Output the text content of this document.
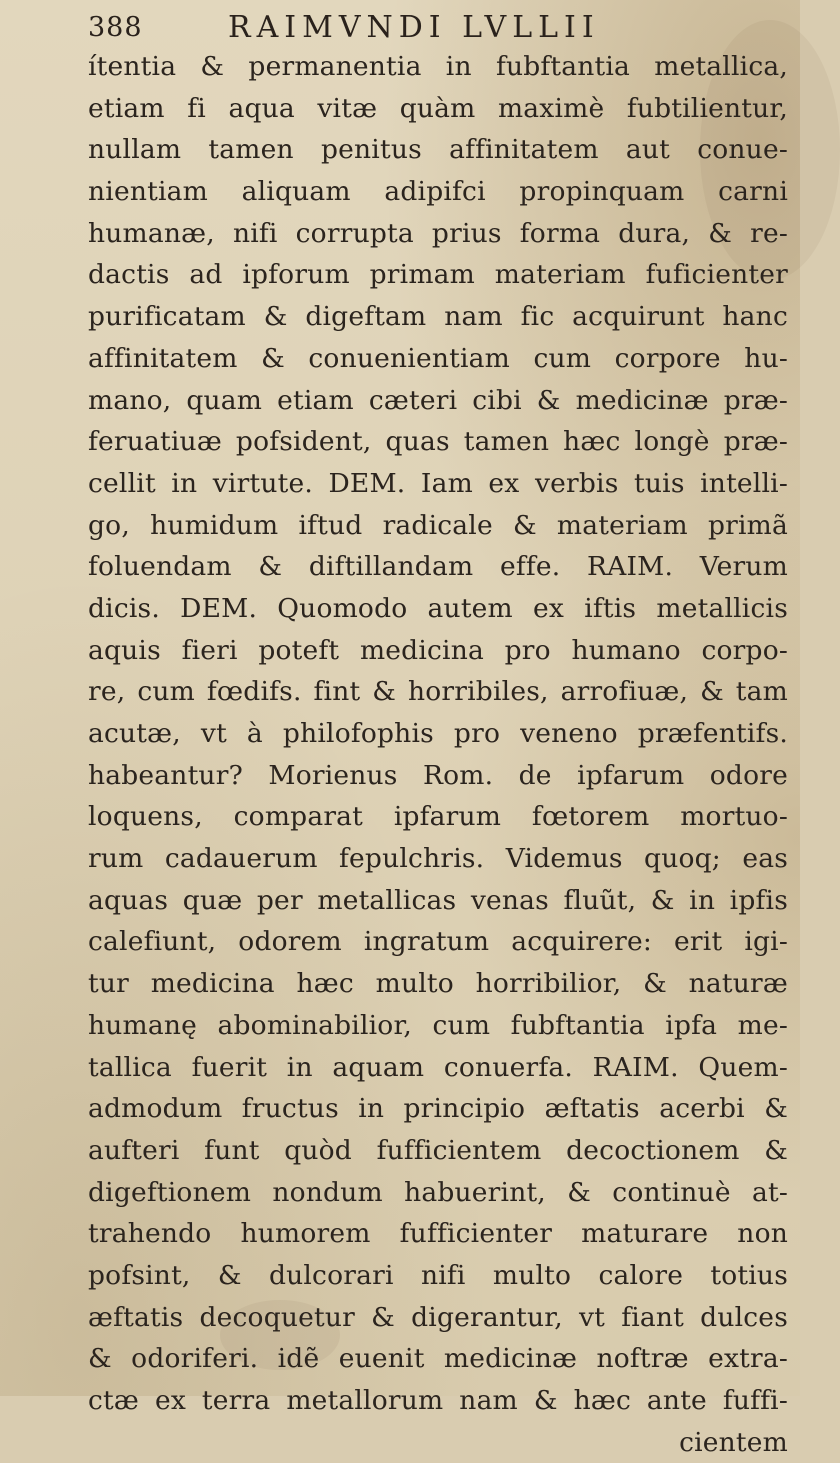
388	RAIMVNDI LVLLII
ítentia & permanentia in fubftantia metallica,
etiam fi aqua vitæ quàm maximè fubtilientur,
nullam tamen penitus affinitatem aut conue-
nientiam aliquam adipifci propinquam carni
humanæ, nifi corrupta prius forma dura, & re-
dactis ad ipforum primam materiam fuficienter
purificatam & digeftam nam fic acquirunt hanc
affinitatem & conuenientiam cum corpore hu-
mano, quam etiam cæteri cibi & medicinæ præ-
feruatiuæ pofsident, quas tamen hæc longè præ-
cellit in virtute. DEM. Iam ex verbis tuis intelli-
go, humidum iftud radicale & materiam primã
foluendam & diftillandam effe. RAIM. Verum
dicis. DEM. Quomodo autem ex iftis metallicis
aquis fieri poteft medicina pro humano corpo-
re, cum fœdifs. fint & horribiles, arrofiuæ, & tam
acutæ, vt à philofophis pro veneno præfentifs.
habeantur? Morienus Rom. de ipfarum odore
loquens, comparat ipfarum fœtorem mortuo-
rum cadauerum fepulchris. Videmus quoq; eas
aquas quæ per metallicas venas fluũt, & in ipfis
calefiunt, odorem ingratum acquirere: erit igi-
tur medicina hæc multo horribilior, & naturæ
humanę abominabilior, cum fubftantia ipfa me-
tallica fuerit in aquam conuerfa. RAIM. Quem-
admodum fructus in principio æftatis acerbi &
aufteri funt quòd fufficientem decoctionem &
digeftionem nondum habuerint, & continuè at-
trahendo humorem fufficienter maturare non
pofsint, & dulcorari nifi multo calore totius
æftatis decoquetur & digerantur, vt fiant dulces
& odoriferi. idẽ euenit medicinæ noftræ extra-
ctæ ex terra metallorum nam & hæc ante fuffi-
cientem
